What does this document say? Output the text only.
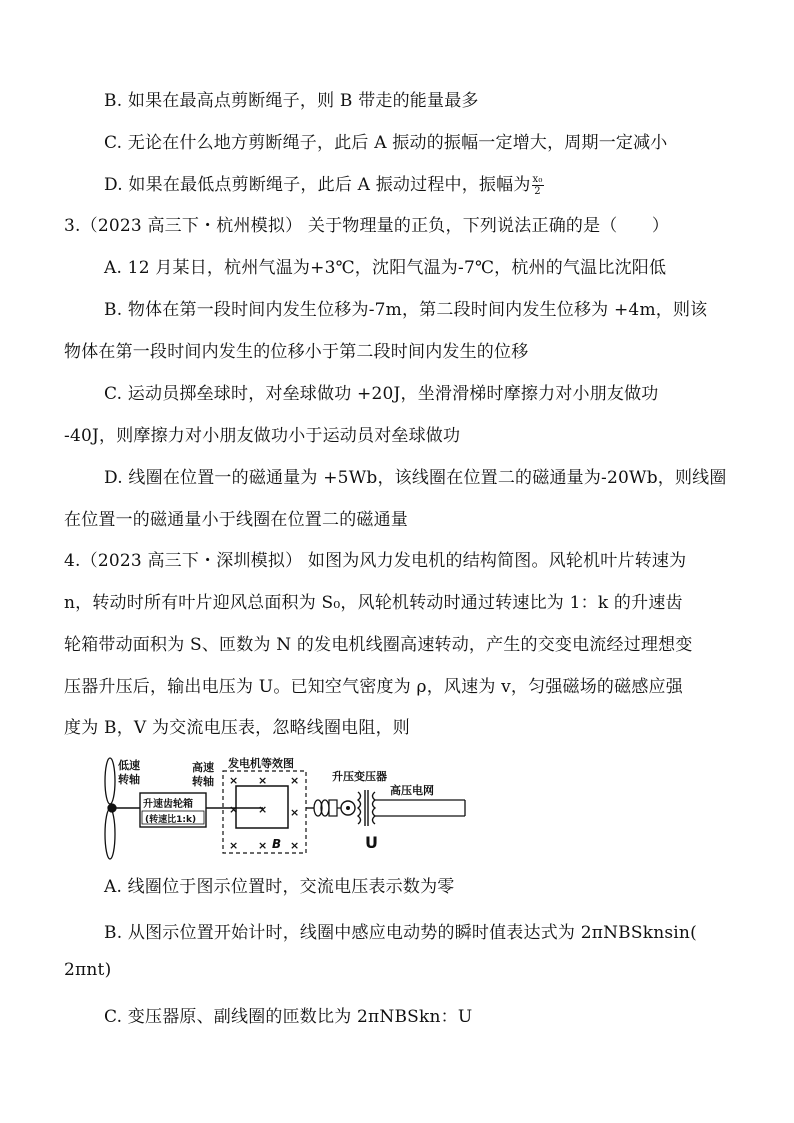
B. 如果在最高点剪断绳子，则 B 带走的能量最多
C. 无论在什么地方剪断绳子，此后 A 振动的振幅一定增大，周期一定减小
D. 如果在最低点剪断绳子，此后 A 振动过程中，振幅为 $\frac{\text{x₀}}{2}$
3.（2023 高三下・杭州模拟） 关于物理量的正负，下列说法正确的是（　　）
A. 12 月某日，杭州气温为+3℃，沈阳气温为-7℃，杭州的气温比沈阳低
B. 物体在第一段时间内发生位移为-7m，第二段时间内发生位移为 +4m，则该
物体在第一段时间内发生的位移小于第二段时间内发生的位移
C. 运动员掷垒球时，对垒球做功 +20J，坐滑滑梯时摩擦力对小朋友做功
-40J，则摩擦力对小朋友做功小于运动员对垒球做功
D. 线圈在位置一的磁通量为 +5Wb，该线圈在位置二的磁通量为-20Wb，则线圈
在位置一的磁通量小于线圈在位置二的磁通量
4.（2023 高三下・深圳模拟） 如图为风力发电机的结构简图。风轮机叶片转速为
n，转动时所有叶片迎风总面积为 S₀，风轮机转动时通过转速比为 1：k 的升速齿
轮箱带动面积为 S、匝数为 N 的发电机线圈高速转动，产生的交变电流经过理想变
压器升压后，输出电压为 U。已知空气密度为 ρ，风速为 v，匀强磁场的磁感应强
度为 B，V 为交流电压表，忽略线圈电阻，则
低速
转轴
升速齿轮箱
(转速比1:k)
高速
转轴
发电机等效图
× × ×
× × ×
× × ×
B
升压变压器
高压电网
U
A. 线圈位于图示位置时，交流电压表示数为零
B. 从图示位置开始计时，线圈中感应电动势的瞬时值表达式为 2πNBSknsin(
2πnt)
C. 变压器原、副线圈的匝数比为 2πNBSkn：U
